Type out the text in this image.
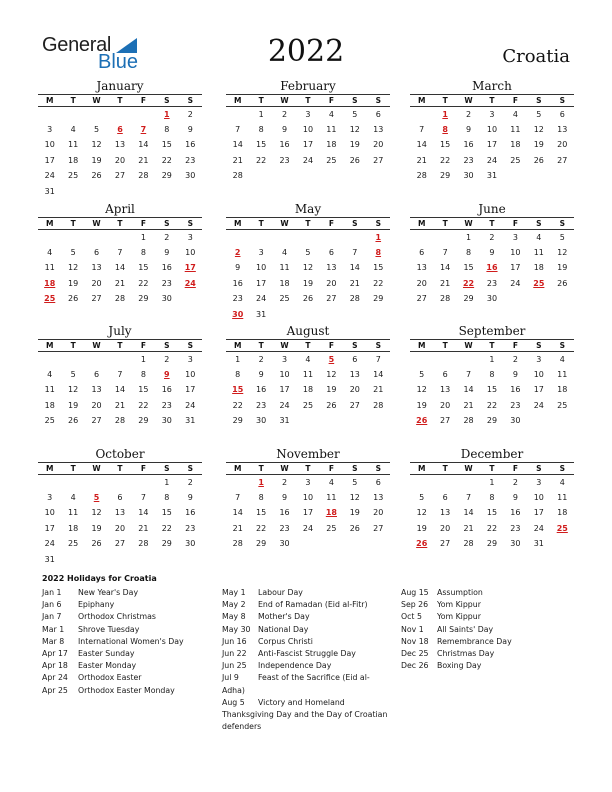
General
Blue	2022	Croatia
January
M	T	W	T	F	S	S
					1	2
3	4	5	6	7	8	9
10	11	12	13	14	15	16
17	18	19	20	21	22	23
24	25	26	27	28	29	30
31						
February
M	T	W	T	F	S	S
	1	2	3	4	5	6
7	8	9	10	11	12	13
14	15	16	17	18	19	20
21	22	23	24	25	26	27
28						
March
M	T	W	T	F	S	S
	1	2	3	4	5	6
7	8	9	10	11	12	13
14	15	16	17	18	19	20
21	22	23	24	25	26	27
28	29	30	31			
April
M	T	W	T	F	S	S
				1	2	3
4	5	6	7	8	9	10
11	12	13	14	15	16	17
18	19	20	21	22	23	24
25	26	27	28	29	30	
May
M	T	W	T	F	S	S
						1
2	3	4	5	6	7	8
9	10	11	12	13	14	15
16	17	18	19	20	21	22
23	24	25	26	27	28	29
30	31					
June
M	T	W	T	F	S	S
		1	2	3	4	5
6	7	8	9	10	11	12
13	14	15	16	17	18	19
20	21	22	23	24	25	26
27	28	29	30			
July
M	T	W	T	F	S	S
				1	2	3
4	5	6	7	8	9	10
11	12	13	14	15	16	17
18	19	20	21	22	23	24
25	26	27	28	29	30	31
August
M	T	W	T	F	S	S
1	2	3	4	5	6	7
8	9	10	11	12	13	14
15	16	17	18	19	20	21
22	23	24	25	26	27	28
29	30	31				
September
M	T	W	T	F	S	S
			1	2	3	4
5	6	7	8	9	10	11
12	13	14	15	16	17	18
19	20	21	22	23	24	25
26	27	28	29	30		
October
M	T	W	T	F	S	S
					1	2
3	4	5	6	7	8	9
10	11	12	13	14	15	16
17	18	19	20	21	22	23
24	25	26	27	28	29	30
31						
November
M	T	W	T	F	S	S
	1	2	3	4	5	6
7	8	9	10	11	12	13
14	15	16	17	18	19	20
21	22	23	24	25	26	27
28	29	30				
December
M	T	W	T	F	S	S
			1	2	3	4
5	6	7	8	9	10	11
12	13	14	15	16	17	18
19	20	21	22	23	24	25
26	27	28	29	30	31	
2022 Holidays for Croatia
Jan 1	New Year's Day
Jan 6	Epiphany
Jan 7	Orthodox Christmas
Mar 1	Shrove Tuesday
Mar 8	International Women's Day
Apr 17	Easter Sunday
Apr 18	Easter Monday
Apr 24	Orthodox Easter
Apr 25	Orthodox Easter Monday
May 1	Labour Day
May 2	End of Ramadan (Eid al-Fitr)
May 8	Mother's Day
May 30 National Day
Jun 16	Corpus Christi
Jun 22	Anti-Fascist Struggle Day
Jun 25	Independence Day
Jul 9	Feast of the Sacrifice (Eid al-
Adha)
Aug 5	Victory and Homeland
Thanksgiving Day and the Day of Croatian
defenders
Aug 15	Assumption
Sep 26	Yom Kippur
Oct 5	Yom Kippur
Nov 1	All Saints' Day
Nov 18	Remembrance Day
Dec 25	Christmas Day
Dec 26	Boxing Day
